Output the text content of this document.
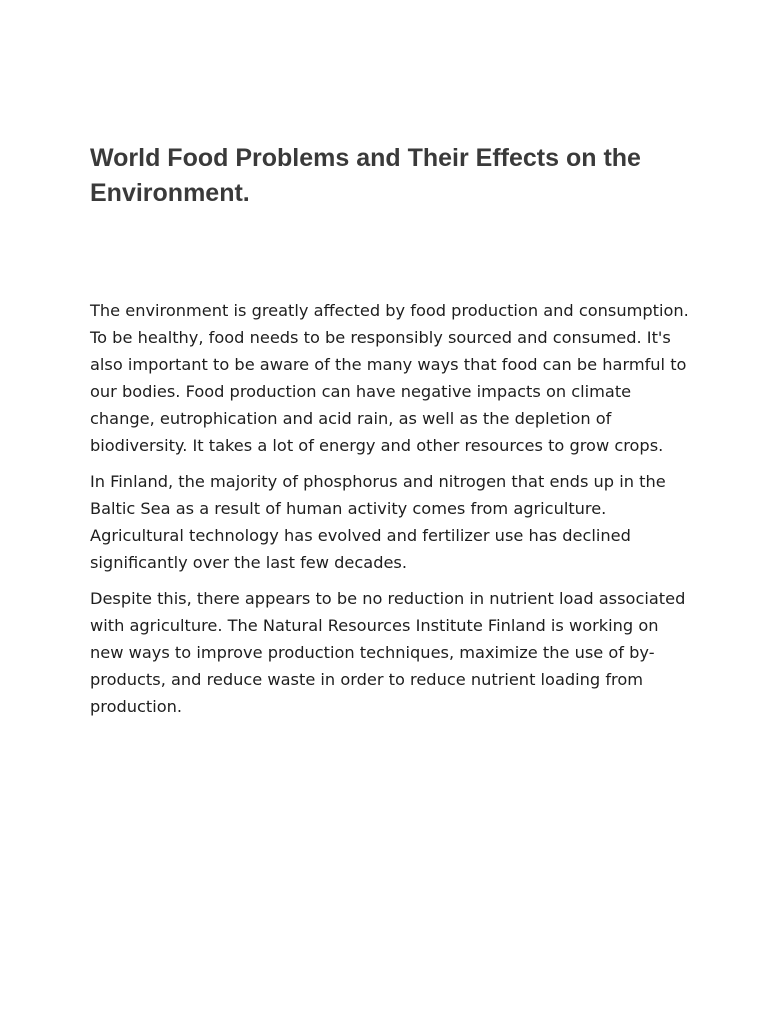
World Food Problems and Their Effects on the Environment.

The environment is greatly affected by food production and consumption. To be healthy, food needs to be responsibly sourced and consumed. It's also important to be aware of the many ways that food can be harmful to our bodies. Food production can have negative impacts on climate change, eutrophication and acid rain, as well as the depletion of biodiversity. It takes a lot of energy and other resources to grow crops.

In Finland, the majority of phosphorus and nitrogen that ends up in the Baltic Sea as a result of human activity comes from agriculture. Agricultural technology has evolved and fertilizer use has declined significantly over the last few decades.

Despite this, there appears to be no reduction in nutrient load associated with agriculture. The Natural Resources Institute Finland is working on new ways to improve production techniques, maximize the use of by-products, and reduce waste in order to reduce nutrient loading from production.
